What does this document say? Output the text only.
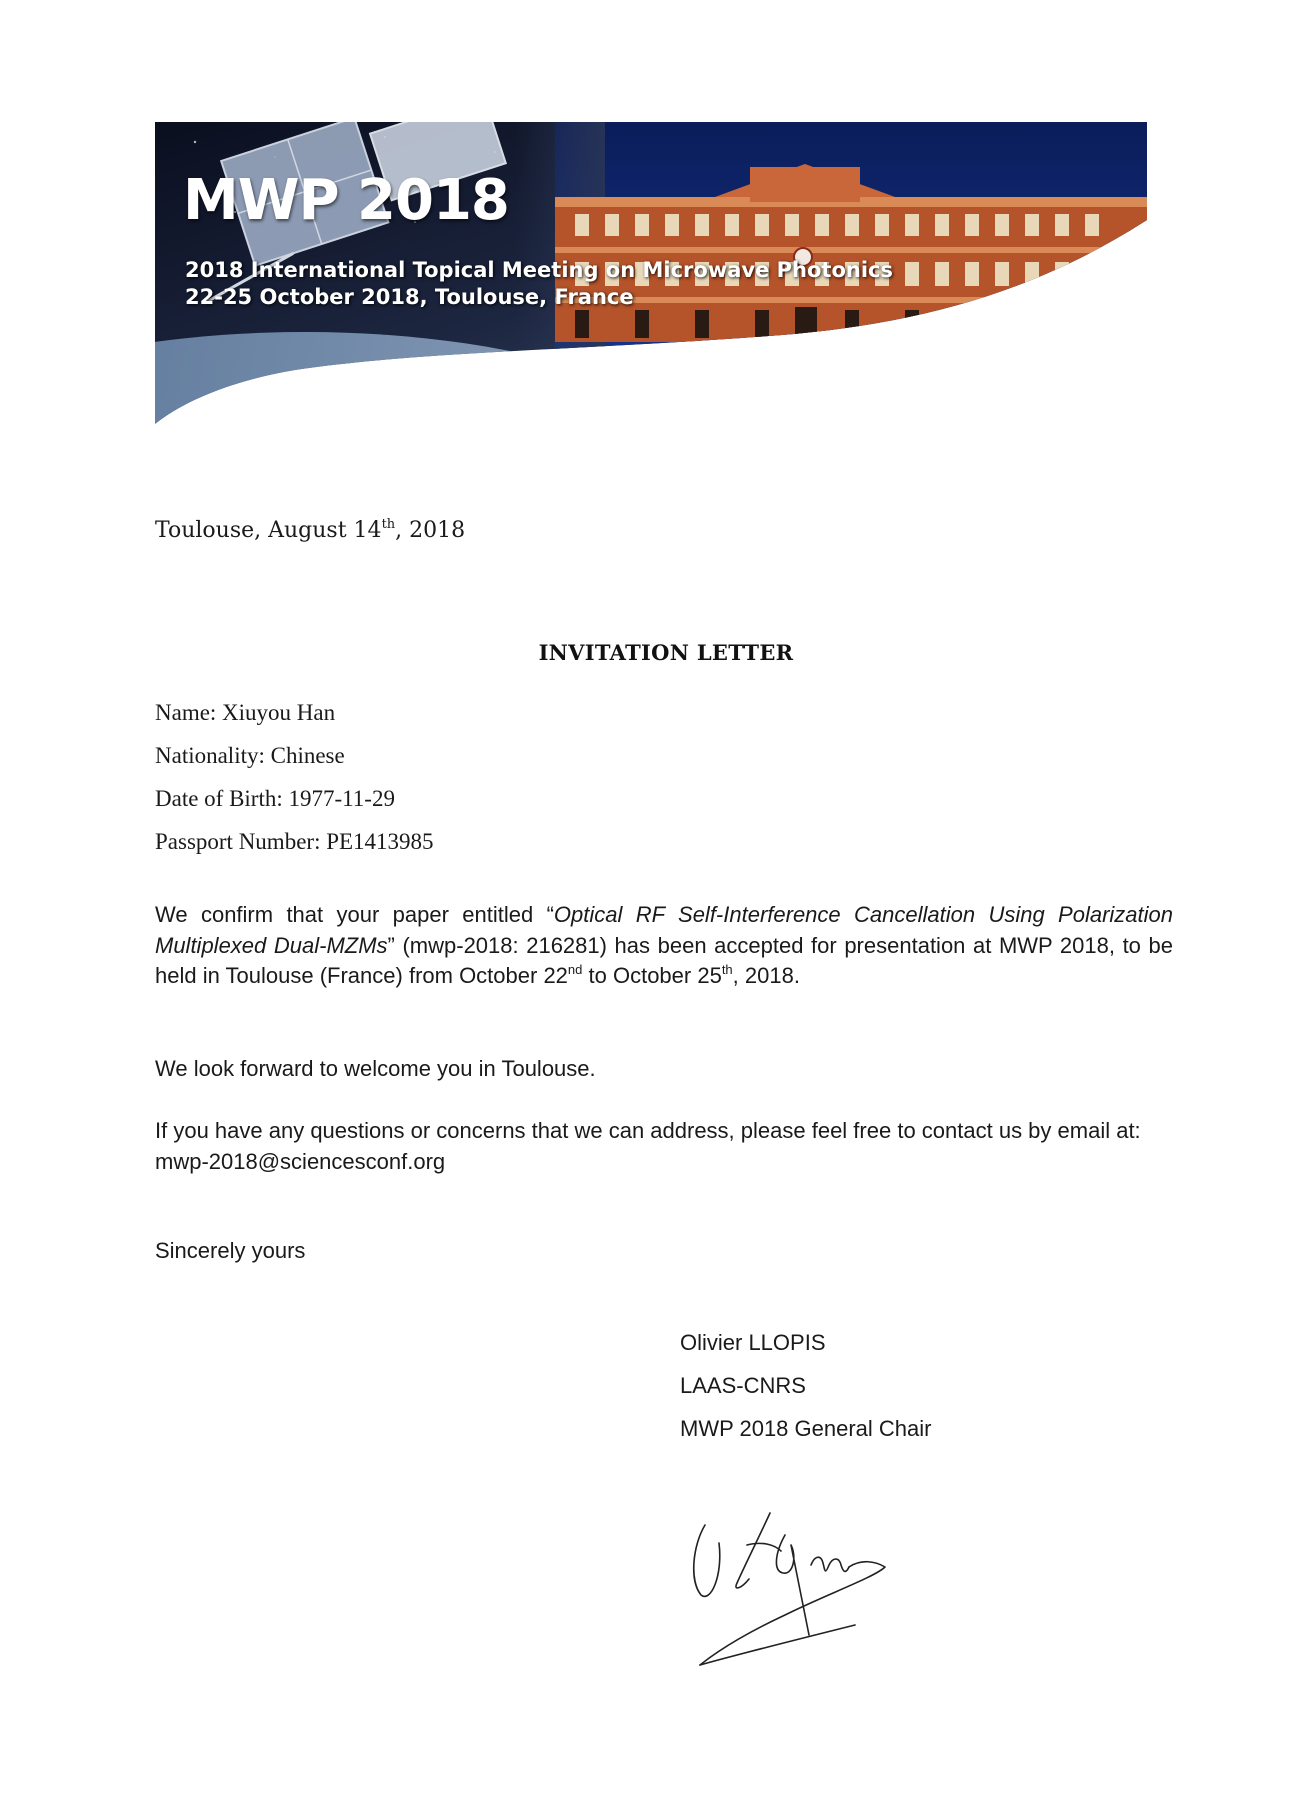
MWP 2018
2018 International Topical Meeting on Microwave Photonics
22-25 October 2018, Toulouse, France
Toulouse, August 14th, 2018
INVITATION LETTER
Name: Xiuyou Han
Nationality: Chinese
Date of Birth: 1977-11-29
Passport Number: PE1413985
We confirm that your paper entitled “Optical RF Self-Interference Cancellation Using Polarization Multiplexed Dual-MZMs” (mwp-2018: 216281) has been accepted for presentation at MWP 2018, to be held in Toulouse (France) from October 22nd to October 25th, 2018.
We look forward to welcome you in Toulouse.
If you have any questions or concerns that we can address, please feel free to contact us by email at: mwp-2018@sciencesconf.org
Sincerely yours
Olivier LLOPIS
LAAS-CNRS
MWP 2018 General Chair
